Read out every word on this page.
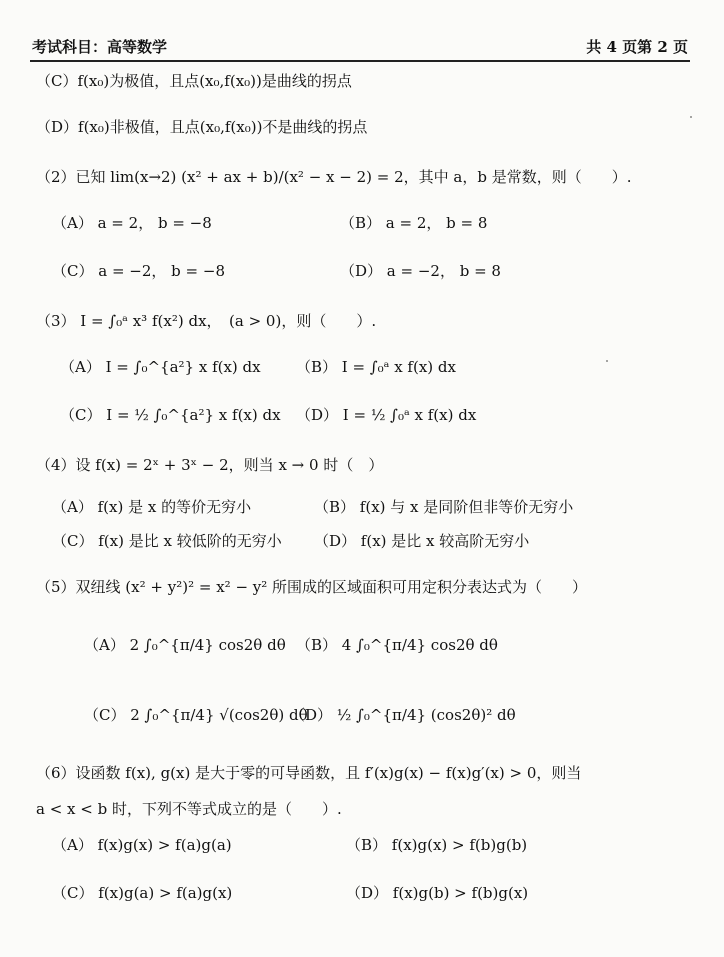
考试科目：高等数学	共 4 页第 2 页
（C）f(x₀)为极值，且点(x₀,f(x₀))是曲线的拐点
（D）f(x₀)非极值，且点(x₀,f(x₀))不是曲线的拐点
（2）已知 lim(x→2) (x² + ax + b)/(x² − x − 2) = 2，其中 a，b 是常数，则（　　）.
（A） a = 2， b = −8	（B） a = 2， b = 8
（C） a = −2， b = −8	（D） a = −2， b = 8
（3） I = ∫₀ᵃ x³ f(x²) dx，　(a > 0)，则（　　）.
（A） I = ∫₀^{a²} x f(x) dx （B） I = ∫₀ᵃ x f(x) dx
（C） I = ½ ∫₀^{a²} x f(x) dx （D） I = ½ ∫₀ᵃ x f(x) dx
（4）设 f(x) = 2ˣ + 3ˣ − 2，则当 x → 0 时（　）
（A） f(x) 是 x 的等价无穷小	（B） f(x) 与 x 是同阶但非等价无穷小
（C） f(x) 是比 x 较低阶的无穷小 （D） f(x) 是比 x 较高阶无穷小
（5）双纽线 (x² + y²)² = x² − y² 所围成的区域面积可用定积分表达式为（　　）
（A） 2 ∫₀^{π/4} cos2θ dθ （B） 4 ∫₀^{π/4} cos2θ dθ
（C） 2 ∫₀^{π/4} √(cos2θ) dθ
（D） ½ ∫₀^{π/4} (cos2θ)² dθ
（6）设函数 f(x), g(x) 是大于零的可导函数，且 f′(x)g(x) − f(x)g′(x) > 0，则当
a < x < b 时，下列不等式成立的是（　　）.
（A） f(x)g(x) > f(a)g(a)	（B） f(x)g(x) > f(b)g(b)
（C） f(x)g(a) > f(a)g(x)	（D） f(x)g(b) > f(b)g(x)
